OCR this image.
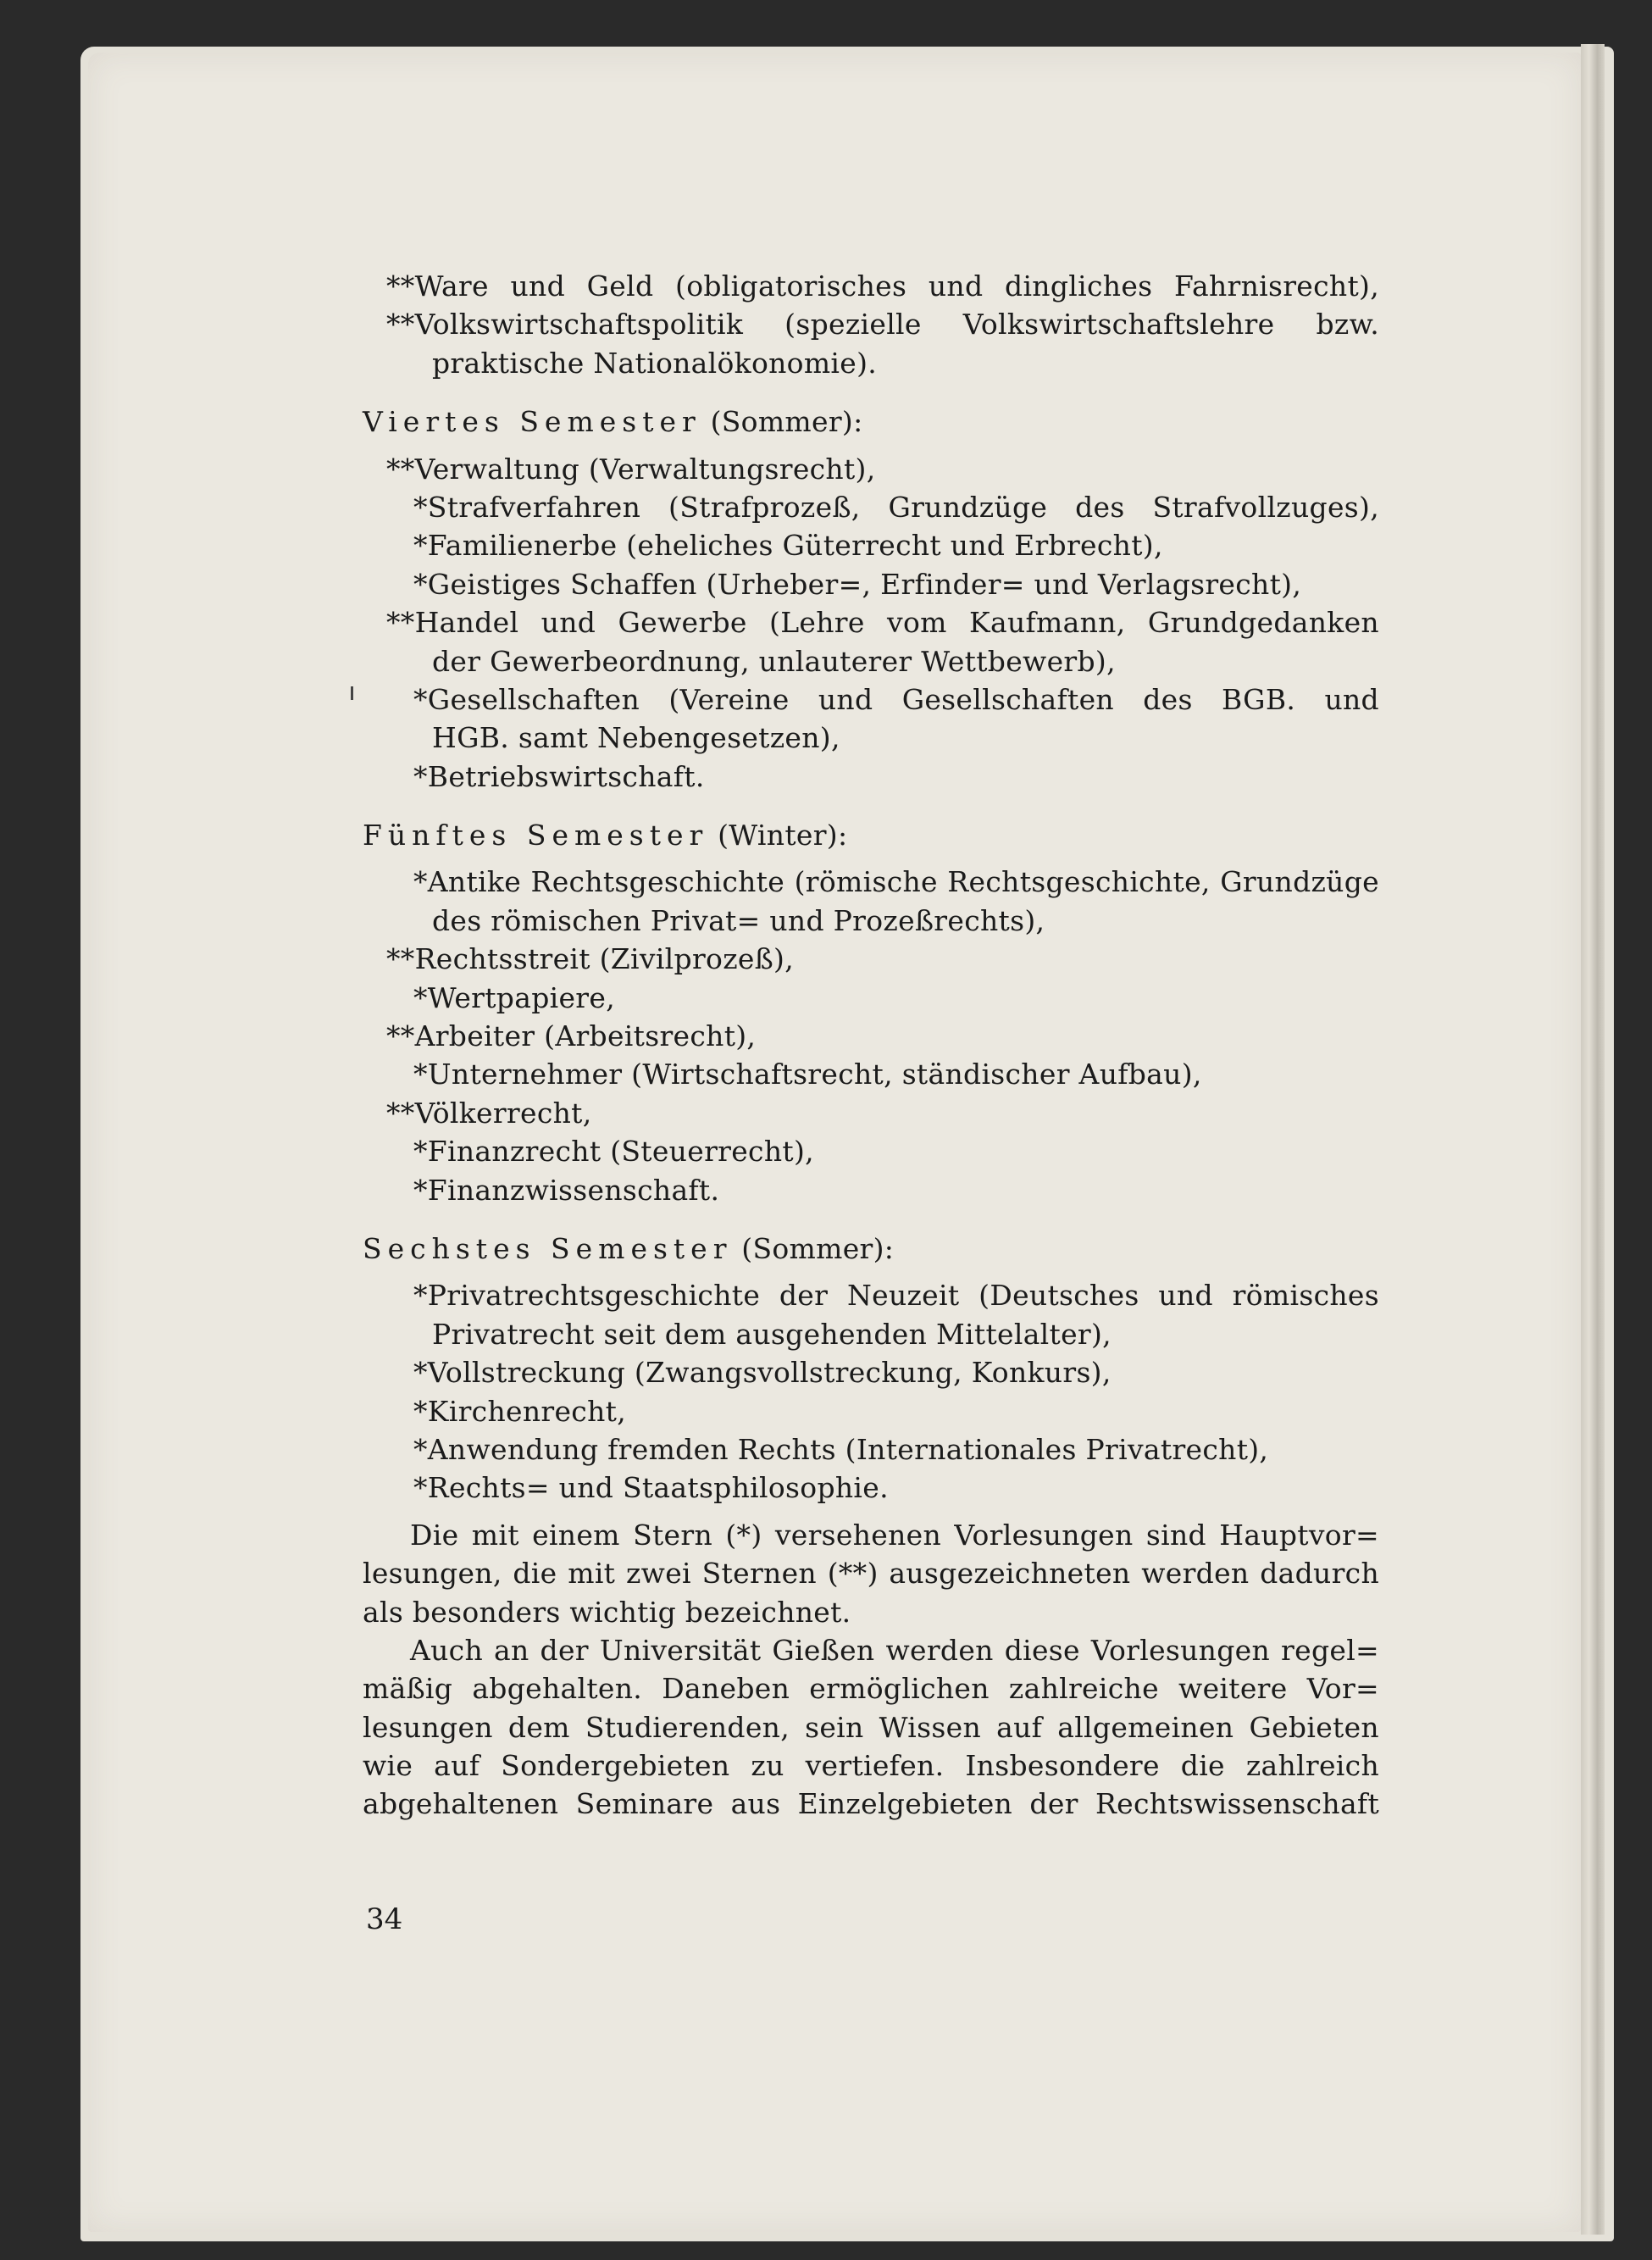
**Ware und Geld (obligatorisches und dingliches Fahrnisrecht),
**Volkswirtschaftspolitik (spezielle Volkswirtschaftslehre bzw.
praktische Nationalökonomie).
Viertes Semester (Sommer):
**Verwaltung (Verwaltungsrecht),
*Strafverfahren (Strafprozeß, Grundzüge des Strafvollzuges),
*Familienerbe (eheliches Güterrecht und Erbrecht),
*Geistiges Schaffen (Urheber=, Erfinder= und Verlagsrecht),
**Handel und Gewerbe (Lehre vom Kaufmann, Grundgedanken
der Gewerbeordnung, unlauterer Wettbewerb),
*Gesellschaften (Vereine und Gesellschaften des BGB. und
HGB. samt Nebengesetzen),
*Betriebswirtschaft.
Fünftes Semester (Winter):
*Antike Rechtsgeschichte (römische Rechtsgeschichte, Grundzüge
des römischen Privat= und Prozeßrechts),
**Rechtsstreit (Zivilprozeß),
*Wertpapiere,
**Arbeiter (Arbeitsrecht),
*Unternehmer (Wirtschaftsrecht, ständischer Aufbau),
**Völkerrecht,
*Finanzrecht (Steuerrecht),
*Finanzwissenschaft.
Sechstes Semester (Sommer):
*Privatrechtsgeschichte der Neuzeit (Deutsches und römisches
Privatrecht seit dem ausgehenden Mittelalter),
*Vollstreckung (Zwangsvollstreckung, Konkurs),
*Kirchenrecht,
*Anwendung fremden Rechts (Internationales Privatrecht),
*Rechts= und Staatsphilosophie.
Die mit einem Stern (*) versehenen Vorlesungen sind Hauptvor=
lesungen, die mit zwei Sternen (**) ausgezeichneten werden dadurch
als besonders wichtig bezeichnet.
Auch an der Universität Gießen werden diese Vorlesungen regel=
mäßig abgehalten. Daneben ermöglichen zahlreiche weitere Vor=
lesungen dem Studierenden, sein Wissen auf allgemeinen Gebieten
wie auf Sondergebieten zu vertiefen. Insbesondere die zahlreich
abgehaltenen Seminare aus Einzelgebieten der Rechtswissenschaft
34
